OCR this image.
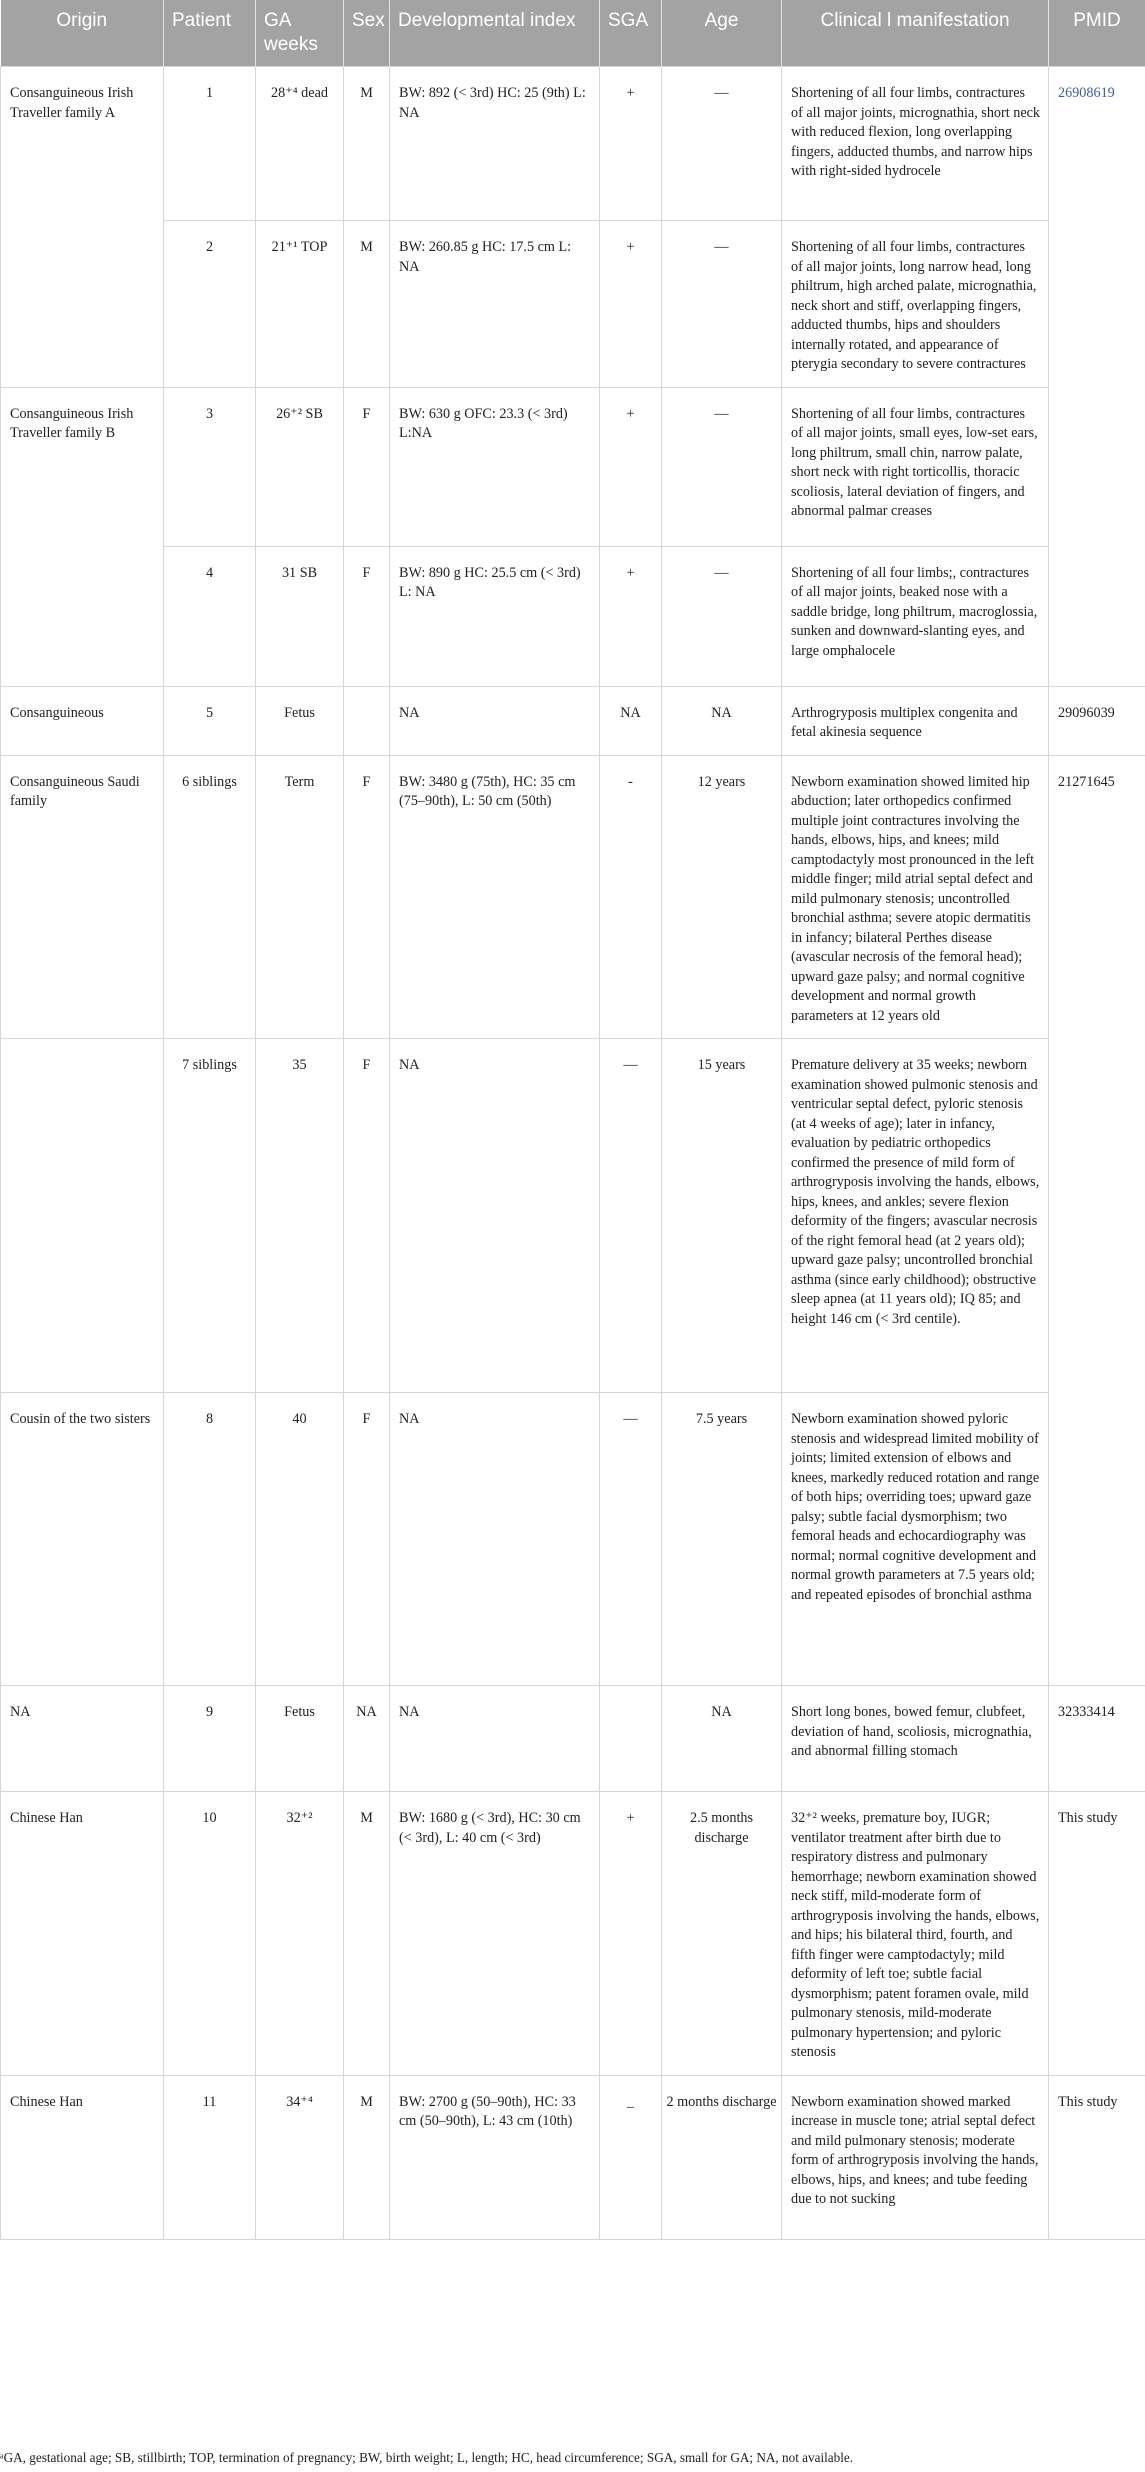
Origin	Patient	GA weeks	Sex	Developmental index	SGA	Age	Clinical l manifestation	PMID
Consanguineous Irish Traveller family A	1	28⁺⁴ dead	M	BW: 892 (< 3rd) HC: 25 (9th) L: NA	+	—	Shortening of all four limbs, contractures of all major joints, micrognathia, short neck with reduced flexion, long overlapping fingers, adducted thumbs, and narrow hips with right-sided hydrocele	26908619
	2	21⁺¹ TOP	M	BW: 260.85 g HC: 17.5 cm L: NA	+	—	Shortening of all four limbs, contractures of all major joints, long narrow head, long philtrum, high arched palate, micrognathia, neck short and stiff, overlapping fingers, adducted thumbs, hips and shoulders internally rotated, and appearance of pterygia secondary to severe contractures	
Consanguineous Irish Traveller family B	3	26⁺² SB	F	BW: 630 g OFC: 23.3 (< 3rd) L:NA	+	—	Shortening of all four limbs, contractures of all major joints, small eyes, low-set ears, long philtrum, small chin, narrow palate, short neck with right torticollis, thoracic scoliosis, lateral deviation of fingers, and abnormal palmar creases	
	4	31 SB	F	BW: 890 g HC: 25.5 cm (< 3rd) L: NA	+	—	Shortening of all four limbs;, contractures of all major joints, beaked nose with a saddle bridge, long philtrum, macroglossia, sunken and downward-slanting eyes, and large omphalocele	
Consanguineous	5	Fetus		NA	NA	NA	Arthrogryposis multiplex congenita and fetal akinesia sequence	29096039
Consanguineous Saudi family	6 siblings	Term	F	BW: 3480 g (75th), HC: 35 cm (75–90th), L: 50 cm (50th)	-	12 years	Newborn examination showed limited hip abduction; later orthopedics confirmed multiple joint contractures involving the hands, elbows, hips, and knees; mild camptodactyly most pronounced in the left middle finger; mild atrial septal defect and mild pulmonary stenosis; uncontrolled bronchial asthma; severe atopic dermatitis in infancy; bilateral Perthes disease (avascular necrosis of the femoral head); upward gaze palsy; and normal cognitive development and normal growth parameters at 12 years old	21271645
	7 siblings	35	F	NA	—	15 years	Premature delivery at 35 weeks; newborn examination showed pulmonic stenosis and ventricular septal defect, pyloric stenosis (at 4 weeks of age); later in infancy, evaluation by pediatric orthopedics confirmed the presence of mild form of arthrogryposis involving the hands, elbows, hips, knees, and ankles; severe flexion deformity of the fingers; avascular necrosis of the right femoral head (at 2 years old); upward gaze palsy; uncontrolled bronchial asthma (since early childhood); obstructive sleep apnea (at 11 years old); IQ 85; and height 146 cm (< 3rd centile).	
Cousin of the two sisters	8	40	F	NA	—	7.5 years	Newborn examination showed pyloric stenosis and widespread limited mobility of joints; limited extension of elbows and knees, markedly reduced rotation and range of both hips; overriding toes; upward gaze palsy; subtle facial dysmorphism; two femoral heads and echocardiography was normal; normal cognitive development and normal growth parameters at 7.5 years old; and repeated episodes of bronchial asthma	
NA	9	Fetus	NA	NA		NA	Short long bones, bowed femur, clubfeet, deviation of hand, scoliosis, micrognathia, and abnormal filling stomach	32333414
Chinese Han	10	32⁺²	M	BW: 1680 g (< 3rd), HC: 30 cm (< 3rd), L: 40 cm (< 3rd)	+	2.5 months discharge	32⁺² weeks, premature boy, IUGR; ventilator treatment after birth due to respiratory distress and pulmonary hemorrhage; newborn examination showed neck stiff, mild-moderate form of arthrogryposis involving the hands, elbows, and hips; his bilateral third, fourth, and fifth finger were camptodactyly; mild deformity of left toe; subtle facial dysmorphism; patent foramen ovale, mild pulmonary stenosis, mild-moderate pulmonary hypertension; and pyloric stenosis	This study
Chinese Han	11	34⁺⁴	M	BW: 2700 g (50–90th), HC: 33 cm (50–90th), L: 43 cm (10th)	_	2 months discharge	Newborn examination showed marked increase in muscle tone; atrial septal defect and mild pulmonary stenosis; moderate form of arthrogryposis involving the hands, elbows, hips, and knees; and tube feeding due to not sucking	This study
ᵃGA, gestational age; SB, stillbirth; TOP, termination of pregnancy; BW, birth weight; L, length; HC, head circumference; SGA, small for GA; NA, not available.
